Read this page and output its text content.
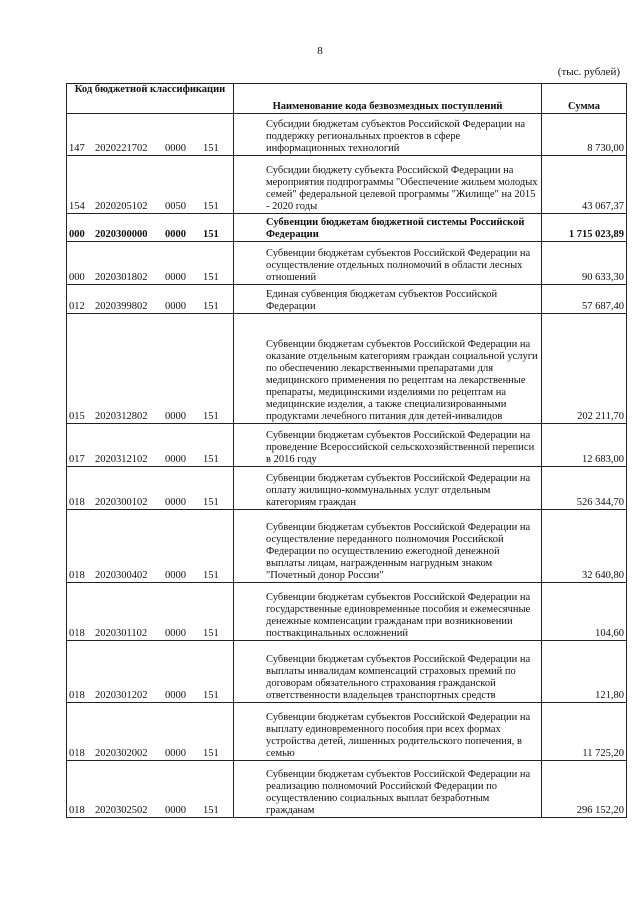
8
(тыс. рублей)
Код бюджетной классификации	Наименование кода безвозмездных поступлений	Сумма
147 2020221702 0000 151	Субсидии бюджетам субъектов Российской Федерации на поддержку региональных проектов в сфере информационных технологий	8 730,00
154 2020205102 0050 151	Субсидии бюджету субъекта Российской Федерации на мероприятия подпрограммы "Обеспечение жильем молодых семей" федеральной целевой программы "Жилище" на 2015 - 2020 годы	43 067,37
000 2020300000 0000 151	Субвенции бюджетам бюджетной системы Российской Федерации	1 715 023,89
000 2020301802 0000 151	Субвенции бюджетам субъектов Российской Федерации на осуществление отдельных полномочий в области лесных отношений	90 633,30
012 2020399802 0000 151	Единая субвенция бюджетам субъектов Российской Федерации	57 687,40
015 2020312802 0000 151	Субвенции бюджетам субъектов Российской Федерации на оказание отдельным категориям граждан социальной услуги по обеспечению лекарственными препаратами для медицинского применения по рецептам на лекарственные препараты, медицинскими изделиями по рецептам на медицинские изделия, а также специализированными продуктами лечебного питания для детей-инвалидов	202 211,70
017 2020312102 0000 151	Субвенции бюджетам субъектов Российской Федерации на проведение Всероссийской сельскохозяйственной переписи в 2016 году	12 683,00
018 2020300102 0000 151	Субвенции бюджетам субъектов Российской Федерации на оплату жилищно-коммунальных услуг отдельным категориям граждан	526 344,70
018 2020300402 0000 151	Субвенции бюджетам субъектов Российской Федерации на осуществление переданного полномочия Российской Федерации по осуществлению ежегодной денежной выплаты лицам, награжденным нагрудным знаком "Почетный донор России"	32 640,80
018 2020301102 0000 151	Субвенции бюджетам субъектов Российской Федерации на государственные единовременные пособия и ежемесячные денежные компенсации гражданам при возникновении поствакцинальных осложнений	104,60
018 2020301202 0000 151	Субвенции бюджетам субъектов Российской Федерации на выплаты инвалидам компенсаций страховых премий по договорам обязательного страхования гражданской ответственности владельцев транспортных средств	121,80
018 2020302002 0000 151	Субвенции бюджетам субъектов Российской Федерации на выплату единовременного пособия при всех формах устройства детей, лишенных родительского попечения, в семью	11 725,20
018 2020302502 0000 151	Субвенции бюджетам субъектов Российской Федерации на реализацию полномочий Российской Федерации по осуществлению социальных выплат безработным гражданам	296 152,20
